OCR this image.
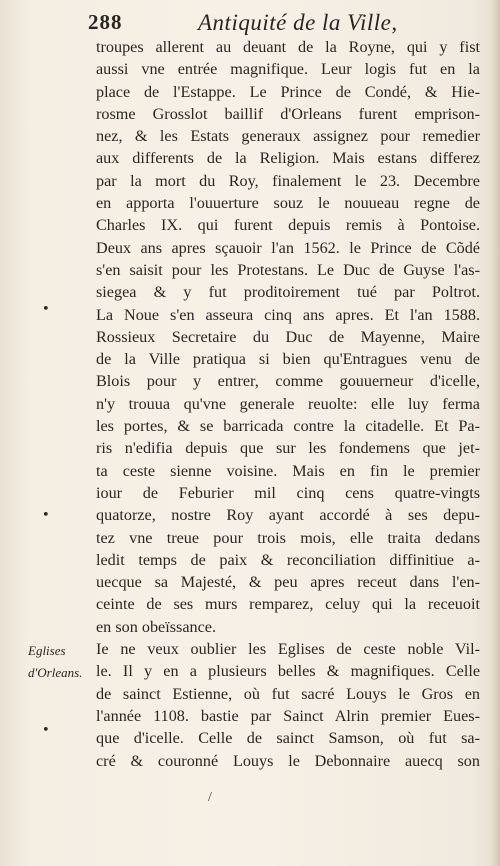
288	Antiquité de la Ville,
troupes allerent au deuant de la Royne, qui y fist
aussi vne entrée magnifique. Leur logis fut en la
place de l'Estappe. Le Prince de Condé, & Hie-
rosme Grosslot baillif d'Orleans furent emprison-
nez, & les Estats generaux assignez pour remedier
aux differents de la Religion. Mais estans differez
par la mort du Roy, finalement le 23. Decembre
en apporta l'ouuerture souz le nouueau regne de
Charles IX. qui furent depuis remis à Pontoise.
Deux ans apres sçauoir l'an 1562. le Prince de Cõdé
s'en saisit pour les Protestans. Le Duc de Guyse l'as-
siegea & y fut proditoirement tué par Poltrot.
La Noue s'en asseura cinq ans apres. Et l'an 1588.
Rossieux Secretaire du Duc de Mayenne, Maire
de la Ville pratiqua si bien qu'Entragues venu de
Blois pour y entrer, comme gouuerneur d'icelle,
n'y trouua qu'vne generale reuolte: elle luy ferma
les portes, & se barricada contre la citadelle. Et Pa-
ris n'edifia depuis que sur les fondemens que jet-
ta ceste sienne voisine. Mais en fin le premier
iour de Feburier mil cinq cens quatre-vingts
quatorze, nostre Roy ayant accordé à ses depu-
tez vne treue pour trois mois, elle traita dedans
ledit temps de paix & reconciliation diffinitiue a-
uecque sa Majesté, & peu apres receut dans l'en-
ceinte de ses murs remparez, celuy qui la receuoit
en son obeïssance.
Ie ne veux oublier les Eglises de ceste noble Vil-
le. Il y en a plusieurs belles & magnifiques. Celle
de sainct Estienne, où fut sacré Louys le Gros en
l'année 1108. bastie par Sainct Alrin premier Eues-
que d'icelle. Celle de sainct Samson, où fut sa-
cré & couronné Louys le Debonnaire auecq son
•
•
•
Eglises
d'Orleans.
/
